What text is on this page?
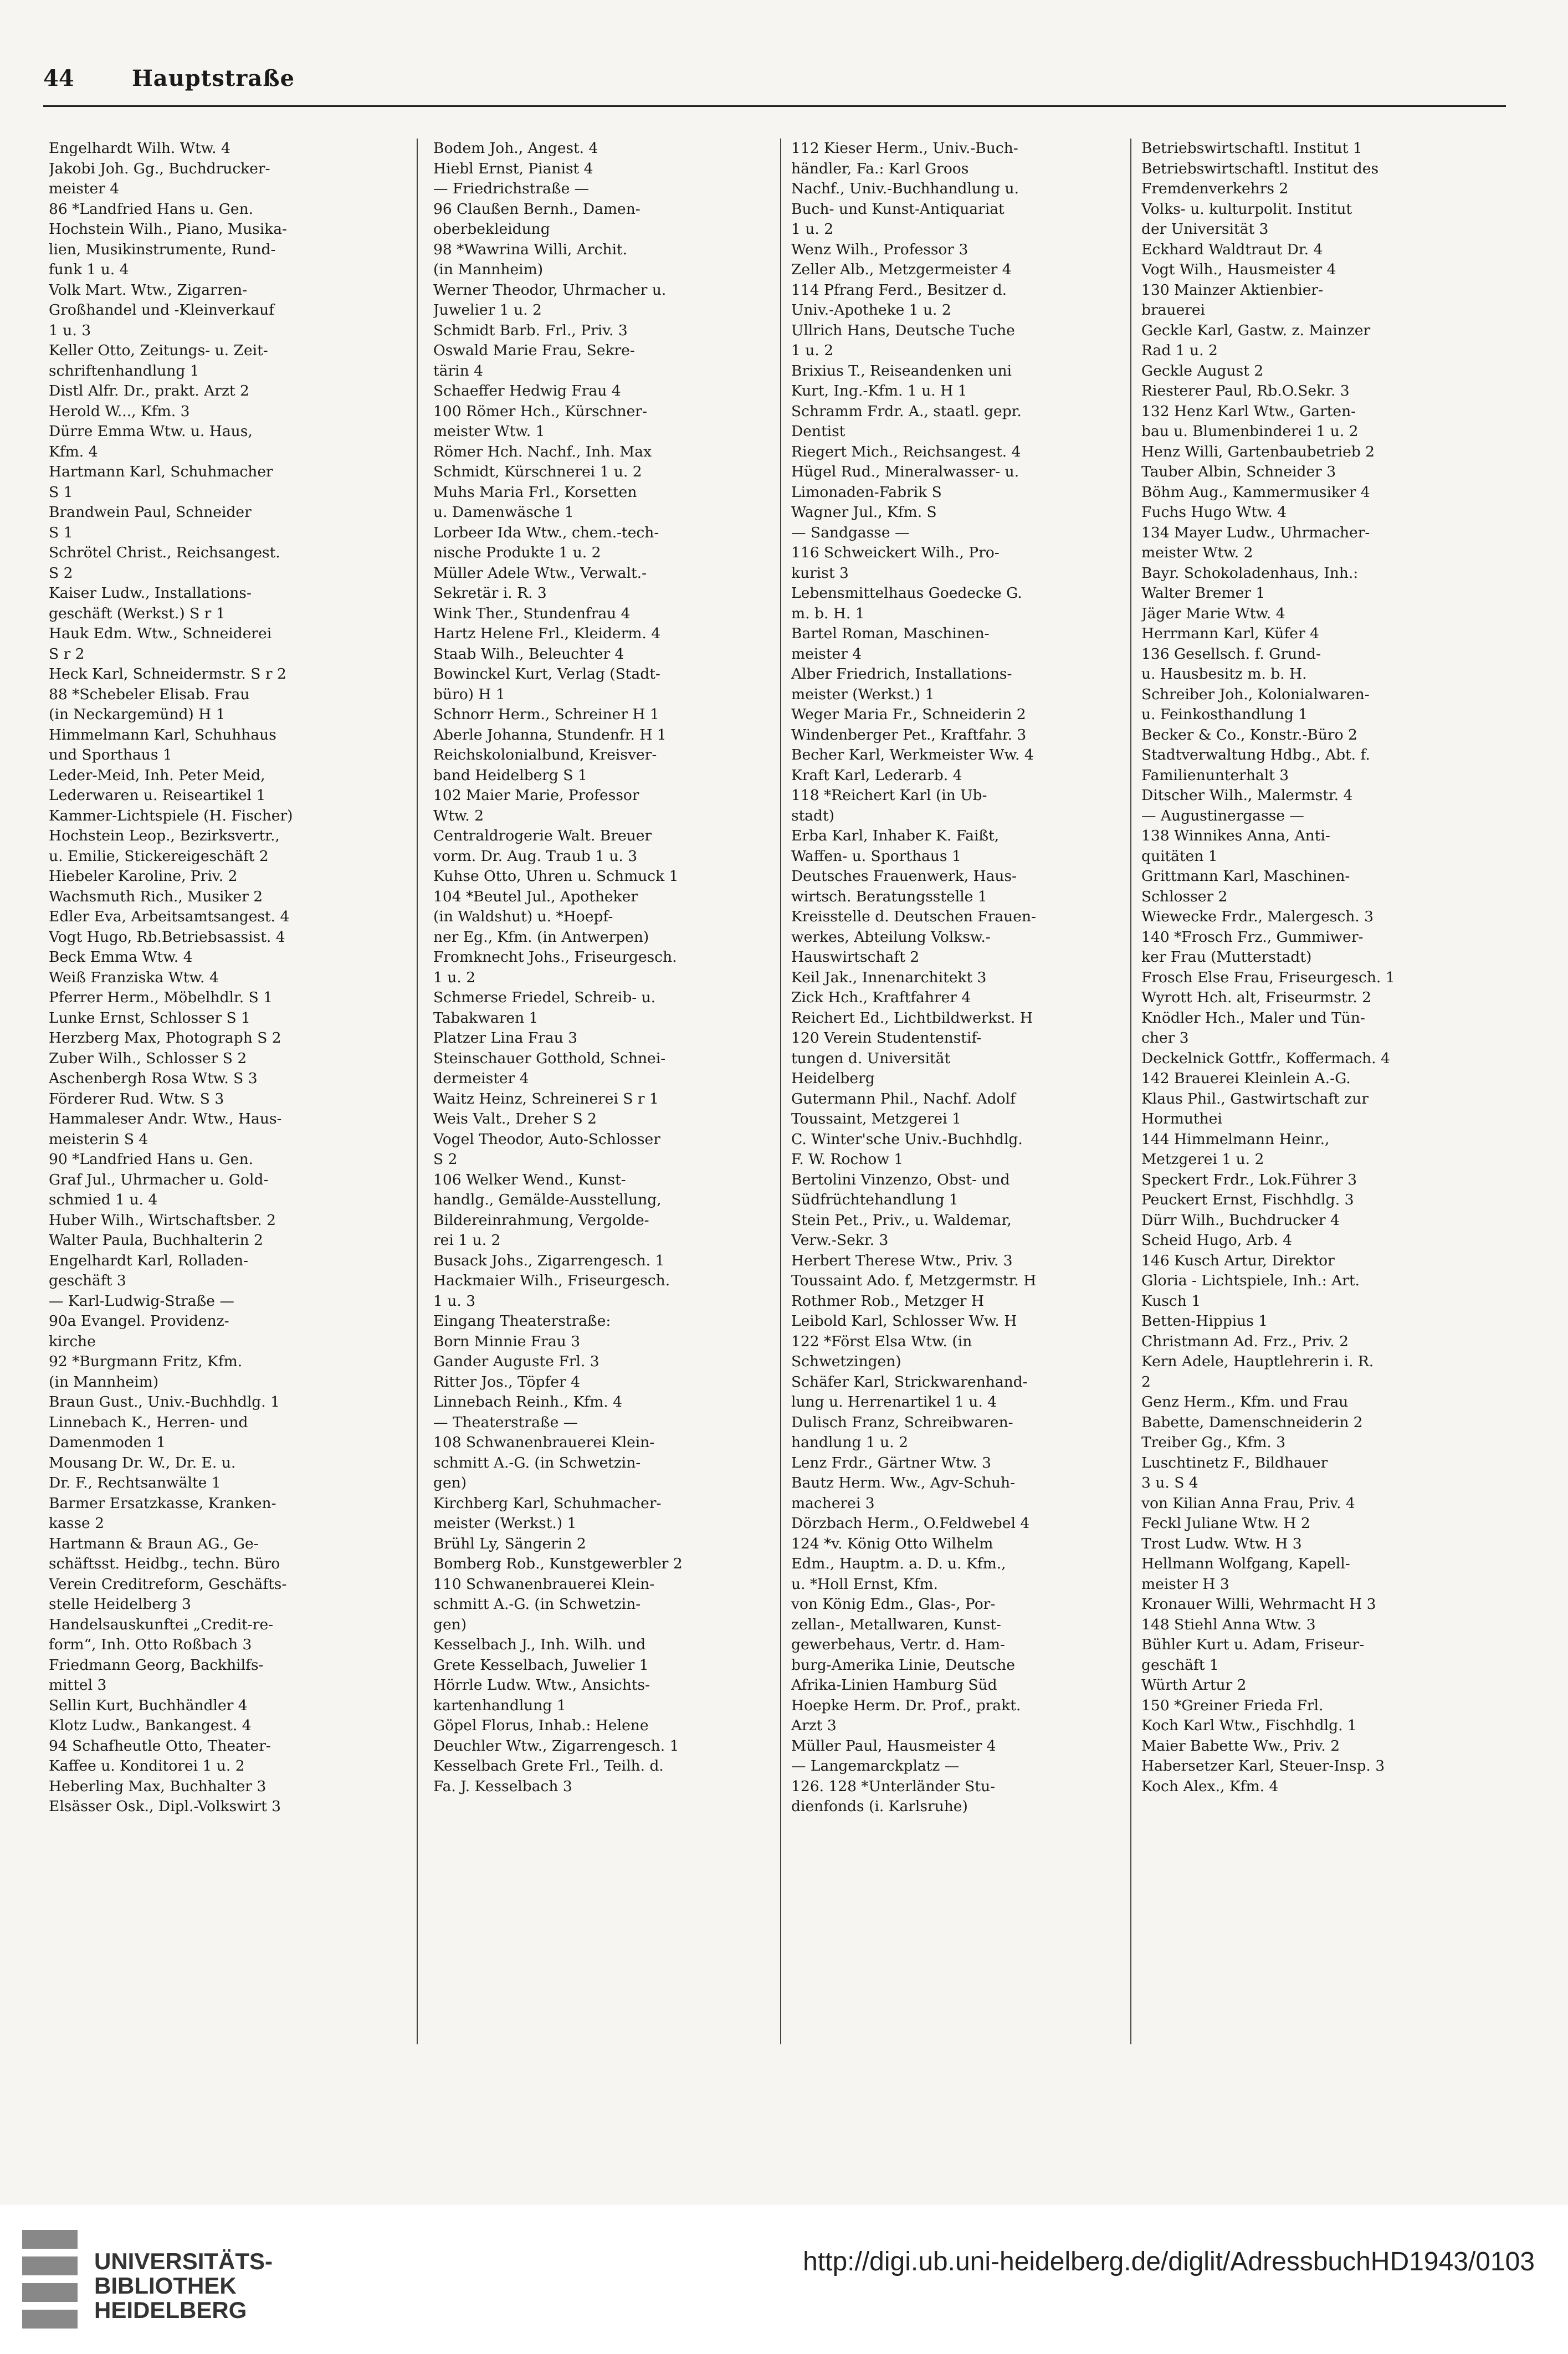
44	Hauptstraße
Engelhardt Wilh. Wtw. 4
Jakobi Joh. Gg., Buchdrucker-
meister 4
86 *Landfried Hans u. Gen.
Hochstein Wilh., Piano, Musika-
lien, Musikinstrumente, Rund-
funk 1 u. 4
Volk Mart. Wtw., Zigarren-
Großhandel und -Kleinverkauf
1 u. 3
Keller Otto, Zeitungs- u. Zeit-
schriftenhandlung 1
Distl Alfr. Dr., prakt. Arzt 2
Herold W..., Kfm. 3
Dürre Emma Wtw. u. Haus,
Kfm. 4
Hartmann Karl, Schuhmacher
S 1
Brandwein Paul, Schneider
S 1
Schrötel Christ., Reichsangest.
S 2
Kaiser Ludw., Installations-
geschäft (Werkst.) S r 1
Hauk Edm. Wtw., Schneiderei
S r 2
Heck Karl, Schneidermstr. S r 2
88 *Schebeler Elisab. Frau
(in Neckargemünd) H 1
Himmelmann Karl, Schuhhaus
und Sporthaus 1
Leder-Meid, Inh. Peter Meid,
Lederwaren u. Reiseartikel 1
Kammer-Lichtspiele (H. Fischer)
Hochstein Leop., Bezirksvertr.,
u. Emilie, Stickereigeschäft 2
Hiebeler Karoline, Priv. 2
Wachsmuth Rich., Musiker 2
Edler Eva, Arbeitsamtsangest. 4
Vogt Hugo, Rb.Betriebsassist. 4
Beck Emma Wtw. 4
Weiß Franziska Wtw. 4
Pferrer Herm., Möbelhdlr. S 1
Lunke Ernst, Schlosser S 1
Herzberg Max, Photograph S 2
Zuber Wilh., Schlosser S 2
Aschenbergh Rosa Wtw. S 3
Förderer Rud. Wtw. S 3
Hammaleser Andr. Wtw., Haus-
meisterin S 4
90 *Landfried Hans u. Gen.
Graf Jul., Uhrmacher u. Gold-
schmied 1 u. 4
Huber Wilh., Wirtschaftsber. 2
Walter Paula, Buchhalterin 2
Engelhardt Karl, Rolladen-
geschäft 3
— Karl-Ludwig-Straße —
90a Evangel. Providenz-
kirche
92 *Burgmann Fritz, Kfm.
(in Mannheim)
Braun Gust., Univ.-Buchhdlg. 1
Linnebach K., Herren- und
Damenmoden 1
Mousang Dr. W., Dr. E. u.
Dr. F., Rechtsanwälte 1
Barmer Ersatzkasse, Kranken-
kasse 2
Hartmann & Braun AG., Ge-
schäftsst. Heidbg., techn. Büro
Verein Creditreform, Geschäfts-
stelle Heidelberg 3
Handelsauskunftei „Credit-re-
form“, Inh. Otto Roßbach 3
Friedmann Georg, Backhilfs-
mittel 3
Sellin Kurt, Buchhändler 4
Klotz Ludw., Bankangest. 4
94 Schafheutle Otto, Theater-
Kaffee u. Konditorei 1 u. 2
Heberling Max, Buchhalter 3
Elsässer Osk., Dipl.-Volkswirt 3
Bodem Joh., Angest. 4
Hiebl Ernst, Pianist 4
— Friedrichstraße —
96 Claußen Bernh., Damen-
oberbekleidung
98 *Wawrina Willi, Archit.
(in Mannheim)
Werner Theodor, Uhrmacher u.
Juwelier 1 u. 2
Schmidt Barb. Frl., Priv. 3
Oswald Marie Frau, Sekre-
tärin 4
Schaeffer Hedwig Frau 4
100 Römer Hch., Kürschner-
meister Wtw. 1
Römer Hch. Nachf., Inh. Max
Schmidt, Kürschnerei 1 u. 2
Muhs Maria Frl., Korsetten
u. Damenwäsche 1
Lorbeer Ida Wtw., chem.-tech-
nische Produkte 1 u. 2
Müller Adele Wtw., Verwalt.-
Sekretär i. R. 3
Wink Ther., Stundenfrau 4
Hartz Helene Frl., Kleiderm. 4
Staab Wilh., Beleuchter 4
Bowinckel Kurt, Verlag (Stadt-
büro) H 1
Schnorr Herm., Schreiner H 1
Aberle Johanna, Stundenfr. H 1
Reichskolonialbund, Kreisver-
band Heidelberg S 1
102 Maier Marie, Professor
Wtw. 2
Centraldrogerie Walt. Breuer
vorm. Dr. Aug. Traub 1 u. 3
Kuhse Otto, Uhren u. Schmuck 1
104 *Beutel Jul., Apotheker
(in Waldshut) u. *Hoepf-
ner Eg., Kfm. (in Antwerpen)
Fromknecht Johs., Friseurgesch.
1 u. 2
Schmerse Friedel, Schreib- u.
Tabakwaren 1
Platzer Lina Frau 3
Steinschauer Gotthold, Schnei-
dermeister 4
Waitz Heinz, Schreinerei S r 1
Weis Valt., Dreher S 2
Vogel Theodor, Auto-Schlosser
S 2
106 Welker Wend., Kunst-
handlg., Gemälde-Ausstellung,
Bildereinrahmung, Vergolde-
rei 1 u. 2
Busack Johs., Zigarrengesch. 1
Hackmaier Wilh., Friseurgesch.
1 u. 3
Eingang Theaterstraße:
Born Minnie Frau 3
Gander Auguste Frl. 3
Ritter Jos., Töpfer 4
Linnebach Reinh., Kfm. 4
— Theaterstraße —
108 Schwanenbrauerei Klein-
schmitt A.-G. (in Schwetzin-
gen)
Kirchberg Karl, Schuhmacher-
meister (Werkst.) 1
Brühl Ly, Sängerin 2
Bomberg Rob., Kunstgewerbler 2
110 Schwanenbrauerei Klein-
schmitt A.-G. (in Schwetzin-
gen)
Kesselbach J., Inh. Wilh. und
Grete Kesselbach, Juwelier 1
Hörrle Ludw. Wtw., Ansichts-
kartenhandlung 1
Göpel Florus, Inhab.: Helene
Deuchler Wtw., Zigarrengesch. 1
Kesselbach Grete Frl., Teilh. d.
Fa. J. Kesselbach 3
112 Kieser Herm., Univ.-Buch-
händler, Fa.: Karl Groos
Nachf., Univ.-Buchhandlung u.
Buch- und Kunst-Antiquariat
1 u. 2
Wenz Wilh., Professor 3
Zeller Alb., Metzgermeister 4
114 Pfrang Ferd., Besitzer d.
Univ.-Apotheke 1 u. 2
Ullrich Hans, Deutsche Tuche
1 u. 2
Brixius T., Reiseandenken uni
Kurt, Ing.-Kfm. 1 u. H 1
Schramm Frdr. A., staatl. gepr.
Dentist
Riegert Mich., Reichsangest. 4
Hügel Rud., Mineralwasser- u.
Limonaden-Fabrik S
Wagner Jul., Kfm. S
— Sandgasse —
116 Schweickert Wilh., Pro-
kurist 3
Lebensmittelhaus Goedecke G.
m. b. H. 1
Bartel Roman, Maschinen-
meister 4
Alber Friedrich, Installations-
meister (Werkst.) 1
Weger Maria Fr., Schneiderin 2
Windenberger Pet., Kraftfahr. 3
Becher Karl, Werkmeister Ww. 4
Kraft Karl, Lederarb. 4
118 *Reichert Karl (in Ub-
stadt)
Erba Karl, Inhaber K. Faißt,
Waffen- u. Sporthaus 1
Deutsches Frauenwerk, Haus-
wirtsch. Beratungsstelle 1
Kreisstelle d. Deutschen Frauen-
werkes, Abteilung Volksw.-
Hauswirtschaft 2
Keil Jak., Innenarchitekt 3
Zick Hch., Kraftfahrer 4
Reichert Ed., Lichtbildwerkst. H
120 Verein Studentenstif-
tungen d. Universität
Heidelberg
Gutermann Phil., Nachf. Adolf
Toussaint, Metzgerei 1
C. Winter'sche Univ.-Buchhdlg.
F. W. Rochow 1
Bertolini Vinzenzo, Obst- und
Südfrüchtehandlung 1
Stein Pet., Priv., u. Waldemar,
Verw.-Sekr. 3
Herbert Therese Wtw., Priv. 3
Toussaint Ado. f, Metzgermstr. H
Rothmer Rob., Metzger H
Leibold Karl, Schlosser Ww. H
122 *Först Elsa Wtw. (in
Schwetzingen)
Schäfer Karl, Strickwarenhand-
lung u. Herrenartikel 1 u. 4
Dulisch Franz, Schreibwaren-
handlung 1 u. 2
Lenz Frdr., Gärtner Wtw. 3
Bautz Herm. Ww., Agv-Schuh-
macherei 3
Dörzbach Herm., O.Feldwebel 4
124 *v. König Otto Wilhelm
Edm., Hauptm. a. D. u. Kfm.,
u. *Holl Ernst, Kfm.
von König Edm., Glas-, Por-
zellan-, Metallwaren, Kunst-
gewerbehaus, Vertr. d. Ham-
burg-Amerika Linie, Deutsche
Afrika-Linien Hamburg Süd
Hoepke Herm. Dr. Prof., prakt.
Arzt 3
Müller Paul, Hausmeister 4
— Langemarckplatz —
126. 128 *Unterländer Stu-
dienfonds (i. Karlsruhe)
Betriebswirtschaftl. Institut 1
Betriebswirtschaftl. Institut des
Fremdenverkehrs 2
Volks- u. kulturpolit. Institut
der Universität 3
Eckhard Waldtraut Dr. 4
Vogt Wilh., Hausmeister 4
130 Mainzer Aktienbier-
brauerei
Geckle Karl, Gastw. z. Mainzer
Rad 1 u. 2
Geckle August 2
Riesterer Paul, Rb.O.Sekr. 3
132 Henz Karl Wtw., Garten-
bau u. Blumenbinderei 1 u. 2
Henz Willi, Gartenbaubetrieb 2
Tauber Albin, Schneider 3
Böhm Aug., Kammermusiker 4
Fuchs Hugo Wtw. 4
134 Mayer Ludw., Uhrmacher-
meister Wtw. 2
Bayr. Schokoladenhaus, Inh.:
Walter Bremer 1
Jäger Marie Wtw. 4
Herrmann Karl, Küfer 4
136 Gesellsch. f. Grund-
u. Hausbesitz m. b. H.
Schreiber Joh., Kolonialwaren-
u. Feinkosthandlung 1
Becker & Co., Konstr.-Büro 2
Stadtverwaltung Hdbg., Abt. f.
Familienunterhalt 3
Ditscher Wilh., Malermstr. 4
— Augustinergasse —
138 Winnikes Anna, Anti-
quitäten 1
Grittmann Karl, Maschinen-
Schlosser 2
Wiewecke Frdr., Malergesch. 3
140 *Frosch Frz., Gummiwer-
ker Frau (Mutterstadt)
Frosch Else Frau, Friseurgesch. 1
Wyrott Hch. alt, Friseurmstr. 2
Knödler Hch., Maler und Tün-
cher 3
Deckelnick Gottfr., Koffermach. 4
142 Brauerei Kleinlein A.-G.
Klaus Phil., Gastwirtschaft zur
Hormuthei
144 Himmelmann Heinr.,
Metzgerei 1 u. 2
Speckert Frdr., Lok.Führer 3
Peuckert Ernst, Fischhdlg. 3
Dürr Wilh., Buchdrucker 4
Scheid Hugo, Arb. 4
146 Kusch Artur, Direktor
Gloria - Lichtspiele, Inh.: Art.
Kusch 1
Betten-Hippius 1
Christmann Ad. Frz., Priv. 2
Kern Adele, Hauptlehrerin i. R.
2
Genz Herm., Kfm. und Frau
Babette, Damenschneiderin 2
Treiber Gg., Kfm. 3
Luschtinetz F., Bildhauer
3 u. S 4
von Kilian Anna Frau, Priv. 4
Feckl Juliane Wtw. H 2
Trost Ludw. Wtw. H 3
Hellmann Wolfgang, Kapell-
meister H 3
Kronauer Willi, Wehrmacht H 3
148 Stiehl Anna Wtw. 3
Bühler Kurt u. Adam, Friseur-
geschäft 1
Würth Artur 2
150 *Greiner Frieda Frl.
Koch Karl Wtw., Fischhdlg. 1
Maier Babette Ww., Priv. 2
Habersetzer Karl, Steuer-Insp. 3
Koch Alex., Kfm. 4
UNIVERSITÄTS-
BIBLIOTHEK
HEIDELBERG
http://digi.ub.uni-heidelberg.de/diglit/AdressbuchHD1943/0103
